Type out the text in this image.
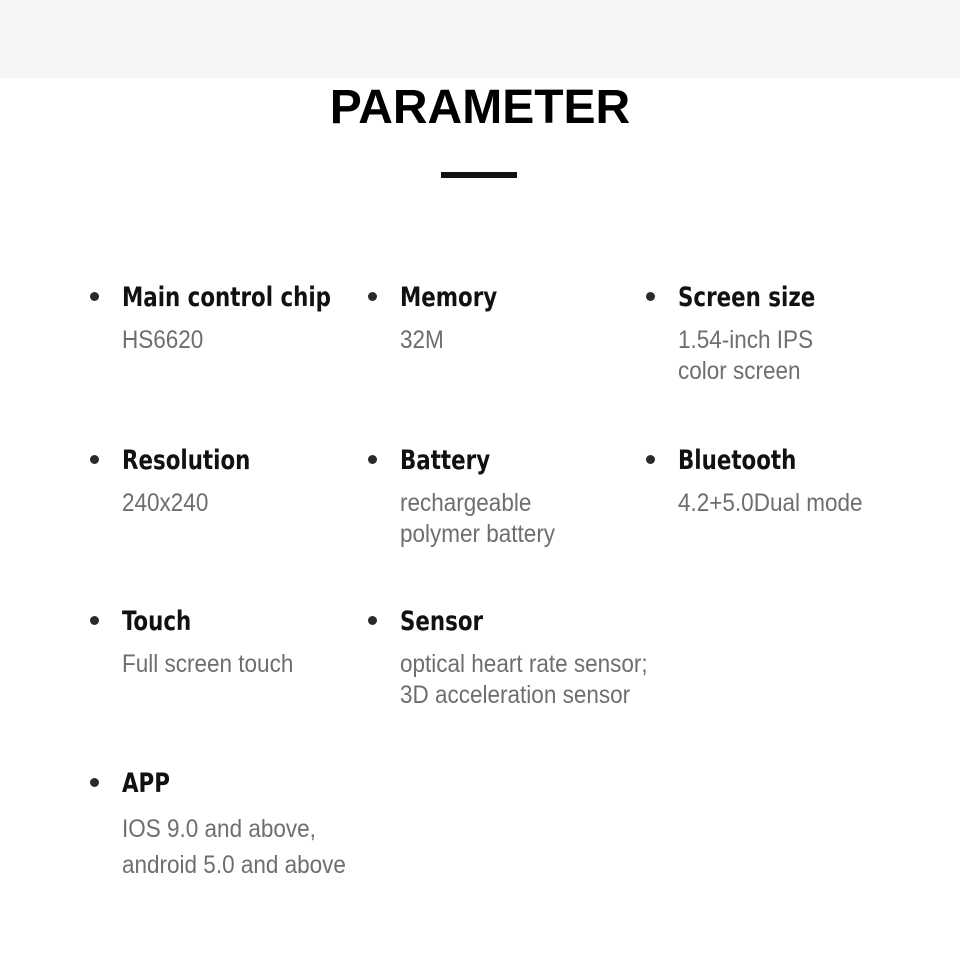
PARAMETER
Main control chip
HS6620
Memory
32M
Screen size
1.54-inch IPS
color screen
Resolution
240x240
Battery
rechargeable
polymer battery
Bluetooth
4.2+5.0Dual mode
Touch
Full screen touch
Sensor
optical heart rate sensor;
3D acceleration sensor
APP
IOS 9.0 and above,
android 5.0 and above
